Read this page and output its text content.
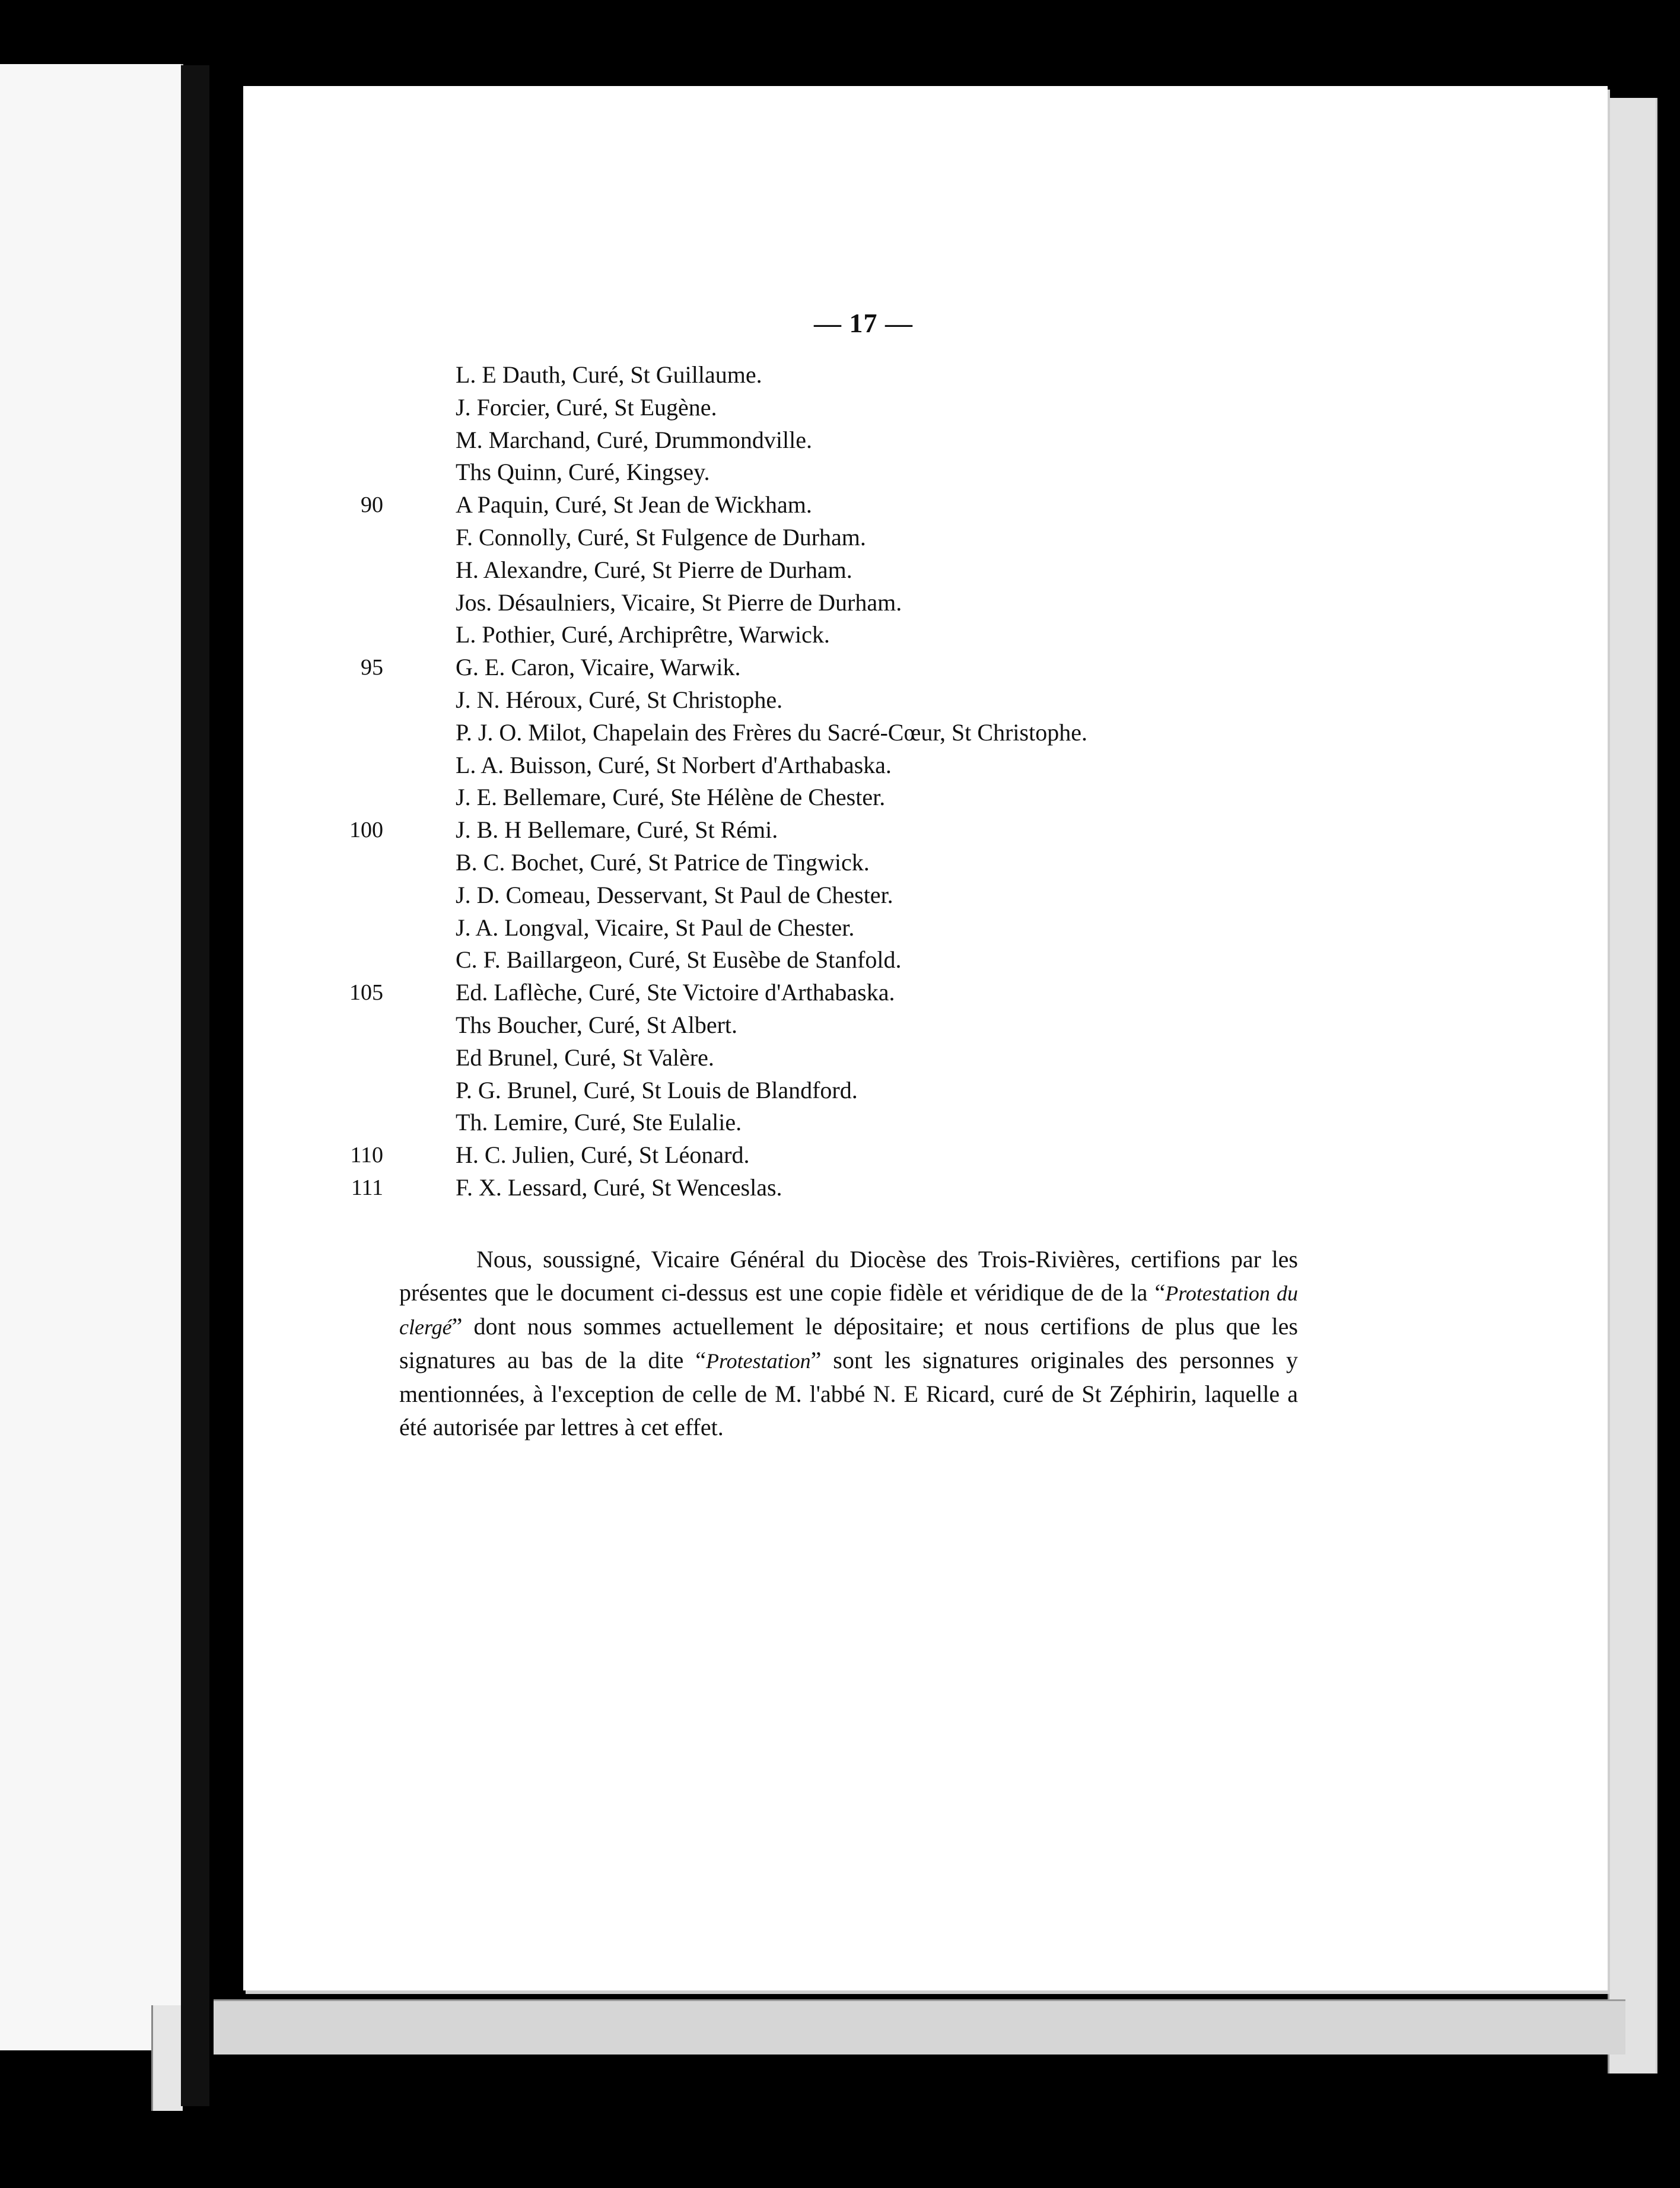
— 17 —
L. E Dauth, Curé, St Guillaume.
J. Forcier, Curé, St Eugène.
M. Marchand, Curé, Drummondville.
Ths Quinn, Curé, Kingsey.
90	A Paquin, Curé, St Jean de Wickham.
F. Connolly, Curé, St Fulgence de Durham.
H. Alexandre, Curé, St Pierre de Durham.
Jos. Désaulniers, Vicaire, St Pierre de Durham.
L. Pothier, Curé, Archiprêtre, Warwick.
95	G. E. Caron, Vicaire, Warwik.
J. N. Héroux, Curé, St Christophe.
P. J. O. Milot, Chapelain des Frères du Sacré-Cœur, St Christophe.
L. A. Buisson, Curé, St Norbert d'Arthabaska.
J. E. Bellemare, Curé, Ste Hélène de Chester.
100	J. B. H Bellemare, Curé, St Rémi.
B. C. Bochet, Curé, St Patrice de Tingwick.
J. D. Comeau, Desservant, St Paul de Chester.
J. A. Longval, Vicaire, St Paul de Chester.
C. F. Baillargeon, Curé, St Eusèbe de Stanfold.
105	Ed. Laflèche, Curé, Ste Victoire d'Arthabaska.
Ths Boucher, Curé, St Albert.
Ed Brunel, Curé, St Valère.
P. G. Brunel, Curé, St Louis de Blandford.
Th. Lemire, Curé, Ste Eulalie.
110	H. C. Julien, Curé, St Léonard.
111	F. X. Lessard, Curé, St Wenceslas.

Nous, soussigné, Vicaire Général du Diocèse des Trois-Rivières, certifions par les présentes que le document ci-dessus est une copie fidèle et véridique de de la “Protestation du clergé” dont nous sommes actuellement le dépositaire; et nous certifions de plus que les signatures au bas de la dite “Protestation” sont les signatures originales des personnes y mentionnées, à l'exception de celle de M. l'abbé N. E Ricard, curé de St Zéphirin, laquelle a été autorisée par lettres à cet effet.
